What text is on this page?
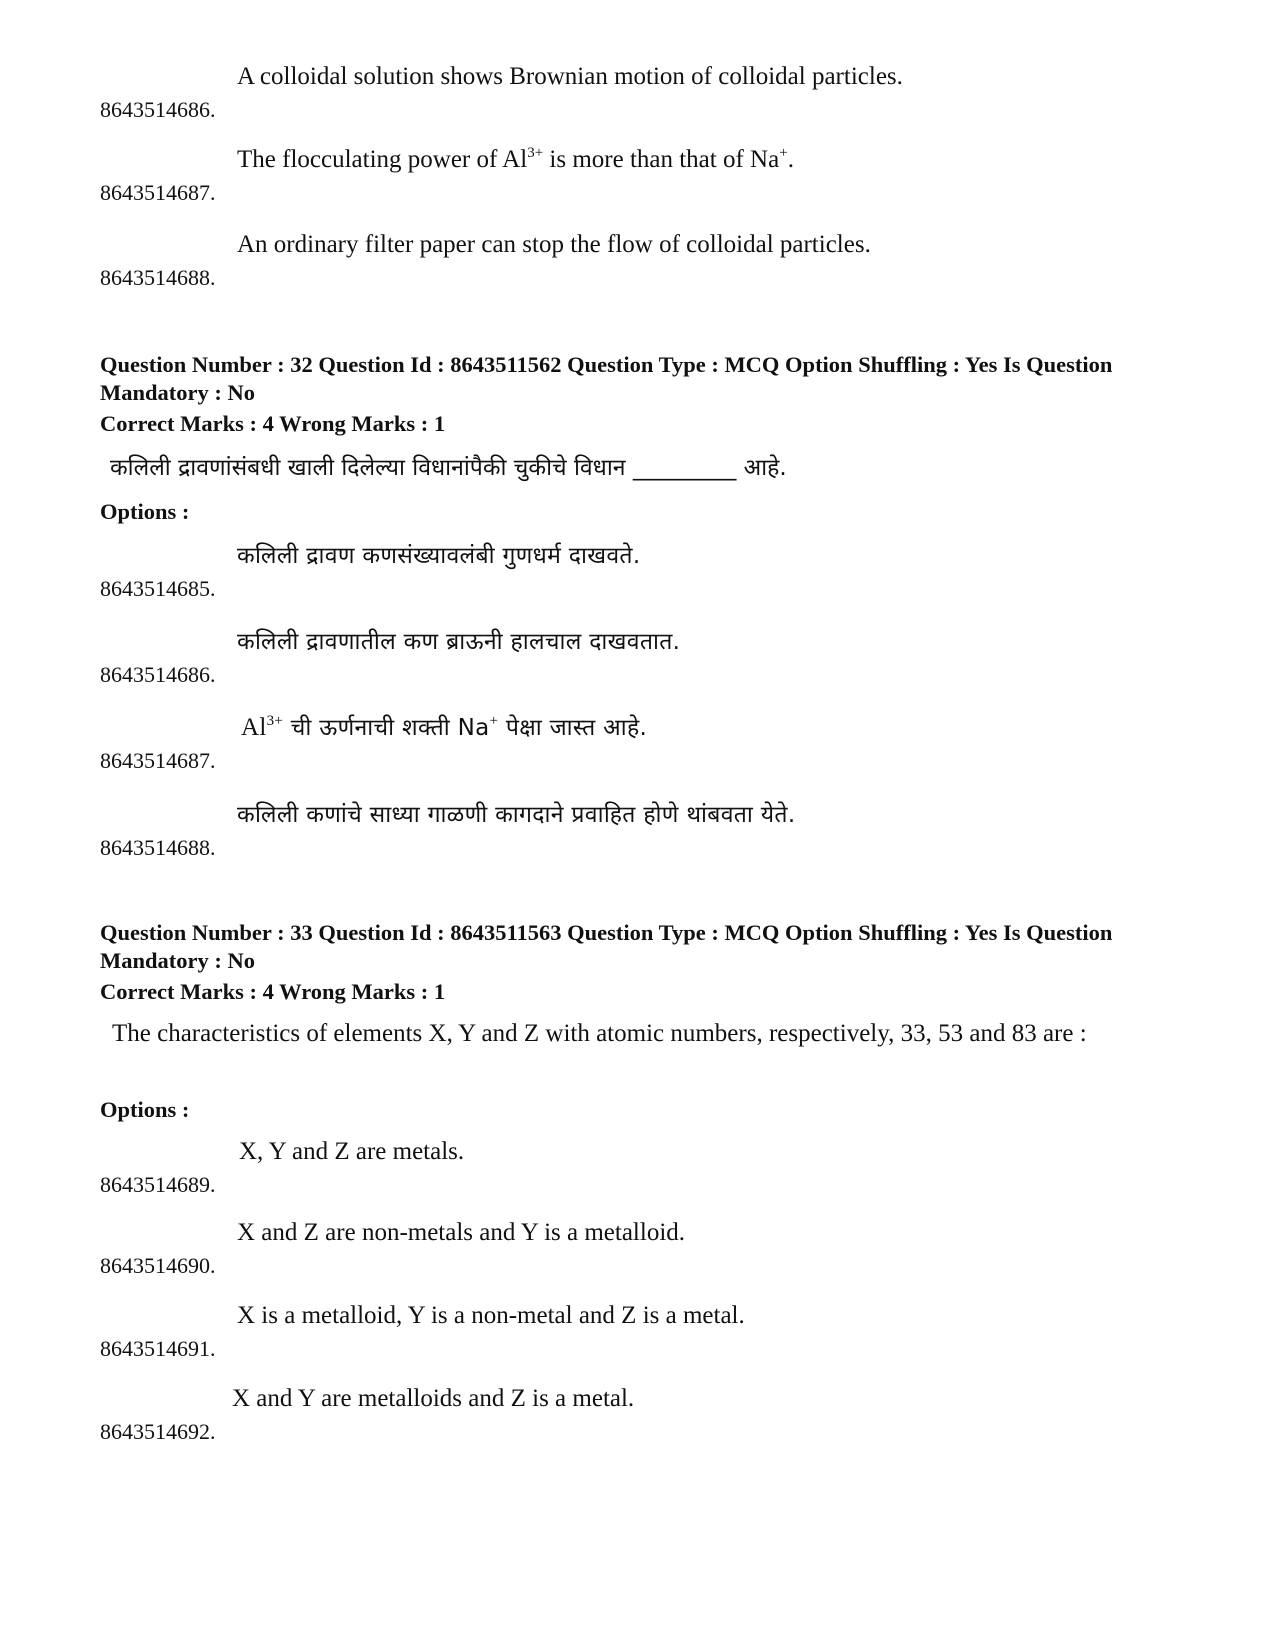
8643514686.
A colloidal solution shows Brownian motion of colloidal particles.
8643514687.
The flocculating power of $Al^{3+}$ is more than that of Na+.
8643514688.
An ordinary filter paper can stop the flow of colloidal particles.
Question Number : 32 Question Id : 8643511562 Question Type : MCQ Option Shuffling : Yes Is Question Mandatory : No
Correct Marks : 4 Wrong Marks : 1
कलिली द्रावणांसंबधी खाली दिलेल्या विधानांपैकी चुकीचे विधान _________ आहे.
Options :
8643514685.
कलिली द्रावण कणसंख्यावलंबी गुणधर्म दाखवते.
8643514686.
कलिली द्रावणातील कण ब्राऊनी हालचाल दाखवतात.
8643514687.
$Al^{3+}$ ची ऊर्णनाची शक्ती Na+ पेक्षा जास्त आहे.
8643514688.
कलिली कणांचे साध्या गाळणी कागदाने प्रवाहित होणे थांबवता येते.
Question Number : 33 Question Id : 8643511563 Question Type : MCQ Option Shuffling : Yes Is Question Mandatory : No
Correct Marks : 4 Wrong Marks : 1
The characteristics of elements X, Y and Z with atomic numbers, respectively, 33, 53 and 83 are :
Options :
8643514689.
X, Y and Z are metals.
8643514690.
X and Z are non-metals and Y is a metalloid.
8643514691.
X is a metalloid, Y is a non-metal and Z is a metal.
8643514692.
X and Y are metalloids and Z is a metal.
